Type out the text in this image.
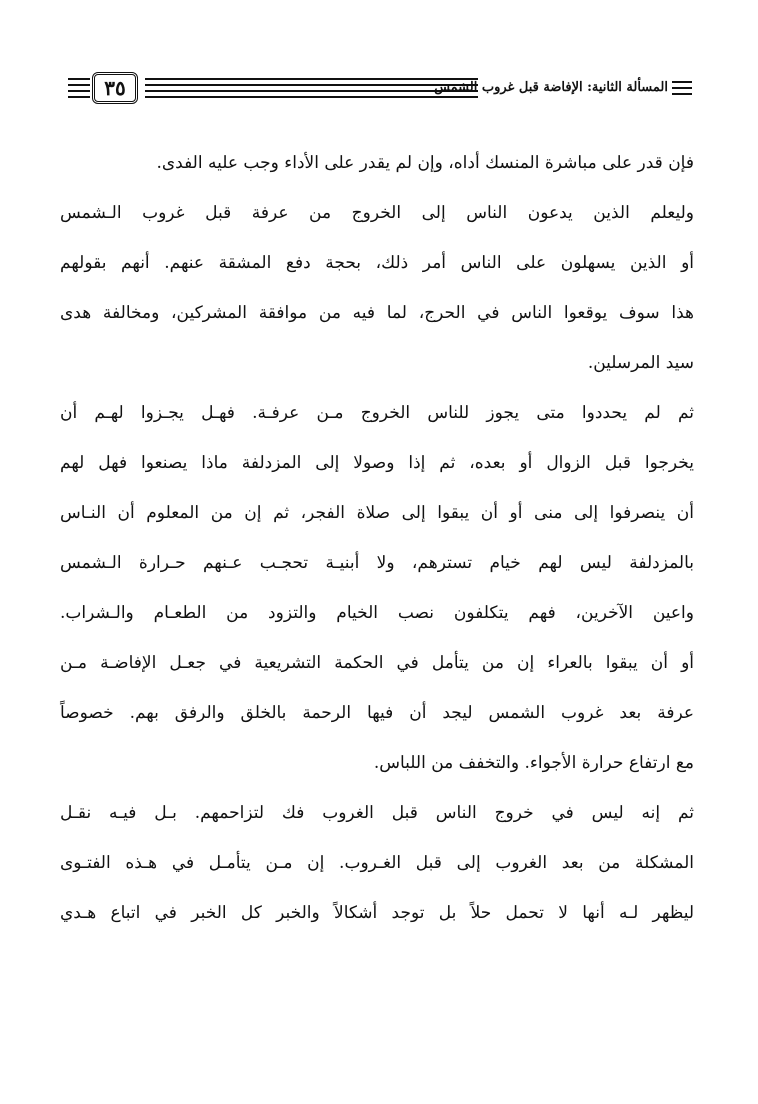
٣٥	المسألة الثانية: الإفاضة قبل غروب الشمس
فإن قدر على مباشرة المنسك أداه، وإن لم يقدر على الأداء وجب عليه الفدى.
وليعلم الذين يدعون الناس إلى الخروج من عرفة قبل غروب الـشمس
أو الذين يسهلون على الناس أمر ذلك، بحجة دفع المشقة عنهم. أنهم بقولهم
هذا سوف يوقعوا الناس في الحرج، لما فيه من موافقة المشركين، ومخالفة هدى
سيد المرسلين.
ثم لم يحددوا متى يجوز للناس الخروج مـن عرفـة. فهـل يجـزوا لهـم أن
يخرجوا قبل الزوال أو بعده، ثم إذا وصولا إلى المزدلفة ماذا يصنعوا فهل لهم
أن ينصرفوا إلى منى أو أن يبقوا إلى صلاة الفجر، ثم إن من المعلوم أن النـاس
بالمزدلفة ليس لهم خيام تسترهم، ولا أبنيـة تحجـب عـنهم حـرارة الـشمس
واعين الآخرين، فهم يتكلفون نصب الخيام والتزود من الطعـام والـشراب.
أو أن يبقوا بالعراء إن من يتأمل في الحكمة التشريعية في جعـل الإفاضـة مـن
عرفة بعد غروب الشمس ليجد أن فيها الرحمة بالخلق والرفق بهم. خصوصاً
مع ارتفاع حرارة الأجواء. والتخفف من اللباس.
ثم إنه ليس في خروج الناس قبل الغروب فك لتزاحمهم. بـل فيـه نقـل
المشكلة من بعد الغروب إلى قبل الغـروب. إن مـن يتأمـل في هـذه الفتـوى
ليظهر لـه أنها لا تحمل حلاً بل توجد أشكالاً والخبر كل الخبر في اتباع هـدي
